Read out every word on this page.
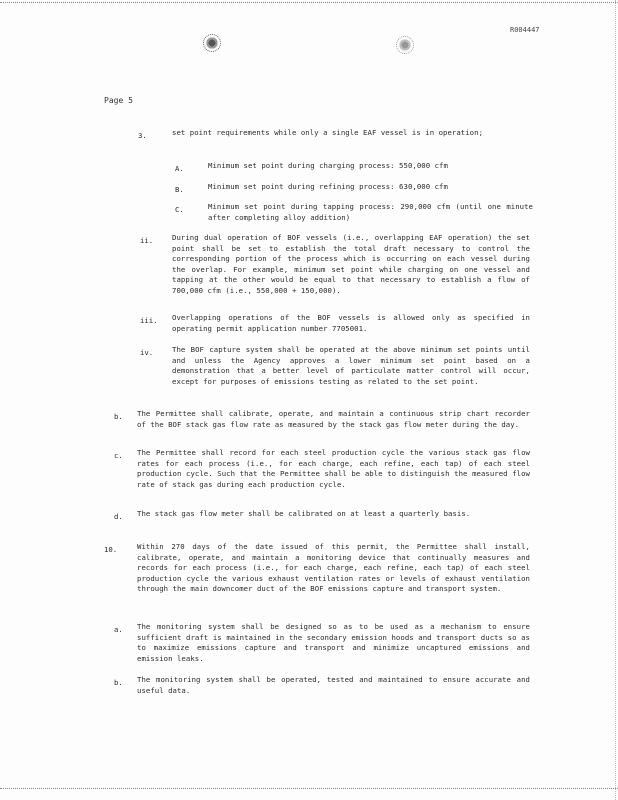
R004447
Page 5
3.	set point requirements while only a single EAF vessel is in operation;
A.	Minimum set point during charging process: 550,000 cfm
B.	Minimum set point during refining process: 630,000 cfm
C.	Minimum set point during tapping process: 290,000 cfm (until one minute after completing alloy addition)
ii.	During dual operation of BOF vessels (i.e., overlapping EAF operation) the set point shall be set to establish the total draft necessary to control the corresponding portion of the process which is occurring on each vessel during the overlap. For example, minimum set point while charging on one vessel and tapping at the other would be equal to that necessary to establish a flow of 700,000 cfm (i.e., 550,000 + 150,000).
iii. Overlapping operations of the BOF vessels is allowed only as specified in operating permit application number 7705001.
iv.	The BOF capture system shall be operated at the above minimum set points until and unless the Agency approves a lower minimum set point based on a demonstration that a better level of particulate matter control will occur, except for purposes of emissions testing as related to the set point.
b. The Permittee shall calibrate, operate, and maintain a continuous strip chart recorder of the BOF stack gas flow rate as measured by the stack gas flow meter during the day.
c. The Permittee shall record for each steel production cycle the various stack gas flow rates for each process (i.e., for each charge, each refine, each tap) of each steel production cycle. Such that the Permittee shall be able to distinguish the measured flow rate of stack gas during each production cycle.
d. The stack gas flow meter shall be calibrated on at least a quarterly basis.
10.	Within 270 days of the date issued of this permit, the Permittee shall install, calibrate, operate, and maintain a monitoring device that continually measures and records for each process (i.e., for each charge, each refine, each tap) of each steel production cycle the various exhaust ventilation rates or levels of exhaust ventilation through the main downcomer duct of the BOF emissions capture and transport system.
a. The monitoring system shall be designed so as to be used as a mechanism to ensure sufficient draft is maintained in the secondary emission hoods and transport ducts so as to maximize emissions capture and transport and minimize uncaptured emissions and emission leaks.
b. The monitoring system shall be operated, tested and maintained to ensure accurate and useful data.
